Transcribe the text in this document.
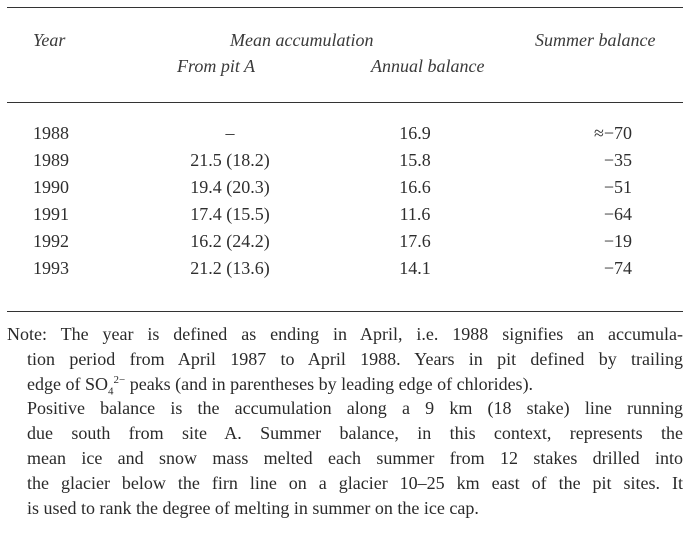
Year	Mean accumulation	Summer balance
From pit A	Annual balance
1988	–	16.9	≈−70
1989	21.5 (18.2)	15.8	−35
1990	19.4 (20.3)	16.6	−51
1991	17.4 (15.5)	11.6	−64
1992	16.2 (24.2)	17.6	−19
1993	21.2 (13.6)	14.1	−74
Note: The year is defined as ending in April, i.e. 1988 signifies an accumula-
tion period from April 1987 to April 1988. Years in pit defined by trailing
edge of $SO_4^{2-}$ peaks (and in parentheses by leading edge of chlorides).
Positive balance is the accumulation along a 9 km (18 stake) line running
due south from site A. Summer balance, in this context, represents the
mean ice and snow mass melted each summer from 12 stakes drilled into
the glacier below the firn line on a glacier 10–25 km east of the pit sites. It
is used to rank the degree of melting in summer on the ice cap.
